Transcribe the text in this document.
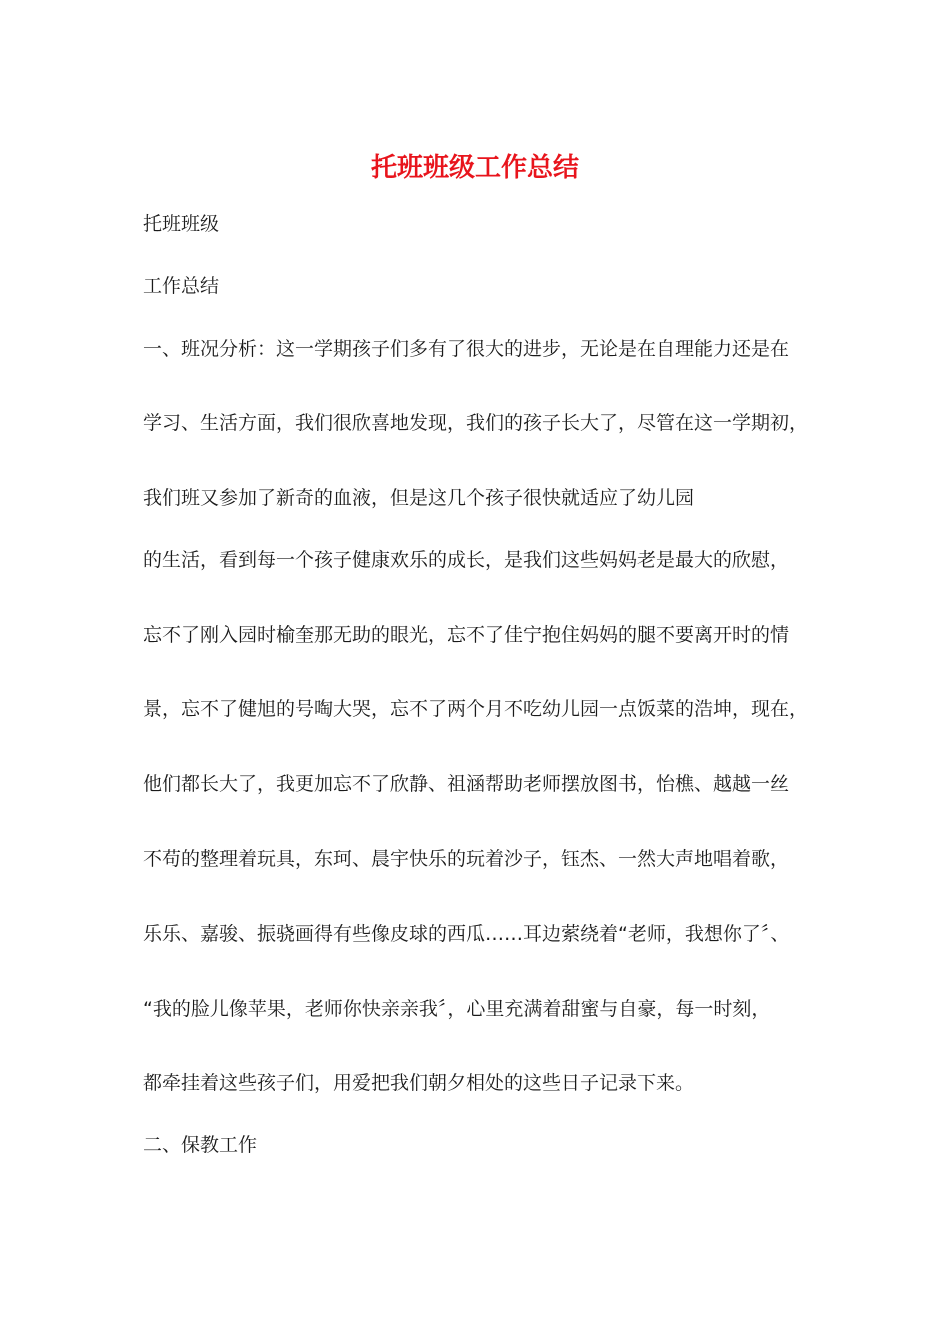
托班班级工作总结

托班班级

工作总结

一、班况分析：这一学期孩子们多有了很大的进步，无论是在自理能力还是在

学习、生活方面，我们很欣喜地发现，我们的孩子长大了，尽管在这一学期初，

我们班又参加了新奇的血液，但是这几个孩子很快就适应了幼儿园

的生活，看到每一个孩子健康欢乐的成长，是我们这些妈妈老是最大的欣慰，

忘不了刚入园时榆奎那无助的眼光，忘不了佳宁抱住妈妈的腿不要离开时的情

景，忘不了健旭的号啕大哭，忘不了两个月不吃幼儿园一点饭菜的浩坤，现在，

他们都长大了，我更加忘不了欣静、祖涵帮助老师摆放图书，怡樵、越越一丝

不苟的整理着玩具，东珂、晨宇快乐的玩着沙子，钰杰、一然大声地唱着歌，

乐乐、嘉骏、振骁画得有些像皮球的西瓜……耳边萦绕着“老师，我想你了〞、

“我的脸儿像苹果，老师你快亲亲我〞，心里充满着甜蜜与自豪，每一时刻，

都牵挂着这些孩子们，用爱把我们朝夕相处的这些日子记录下来。

二、保教工作
